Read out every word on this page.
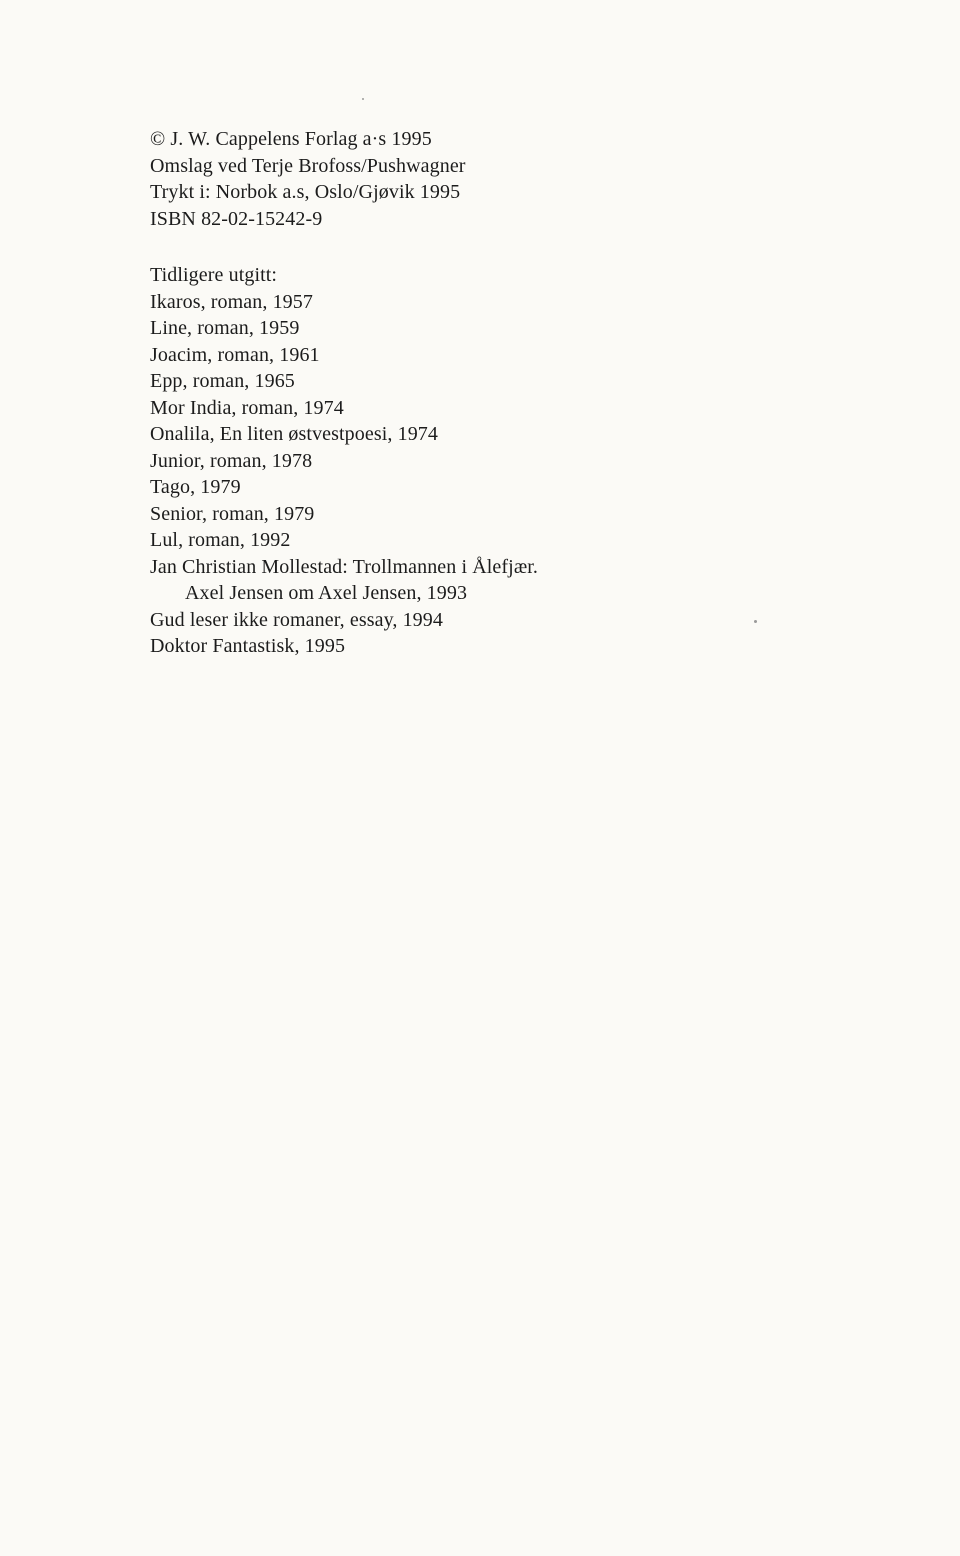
© J. W. Cappelens Forlag a·s 1995
Omslag ved Terje Brofoss/Pushwagner
Trykt i: Norbok a.s, Oslo/Gjøvik 1995
ISBN 82-02-15242-9
Tidligere utgitt:
Ikaros, roman, 1957
Line, roman, 1959
Joacim, roman, 1961
Epp, roman, 1965
Mor India, roman, 1974
Onalila, En liten østvestpoesi, 1974
Junior, roman, 1978
Tago, 1979
Senior, roman, 1979
Lul, roman, 1992
Jan Christian Mollestad: Trollmannen i Ålefjær.
Axel Jensen om Axel Jensen, 1993
Gud leser ikke romaner, essay, 1994
Doktor Fantastisk, 1995
